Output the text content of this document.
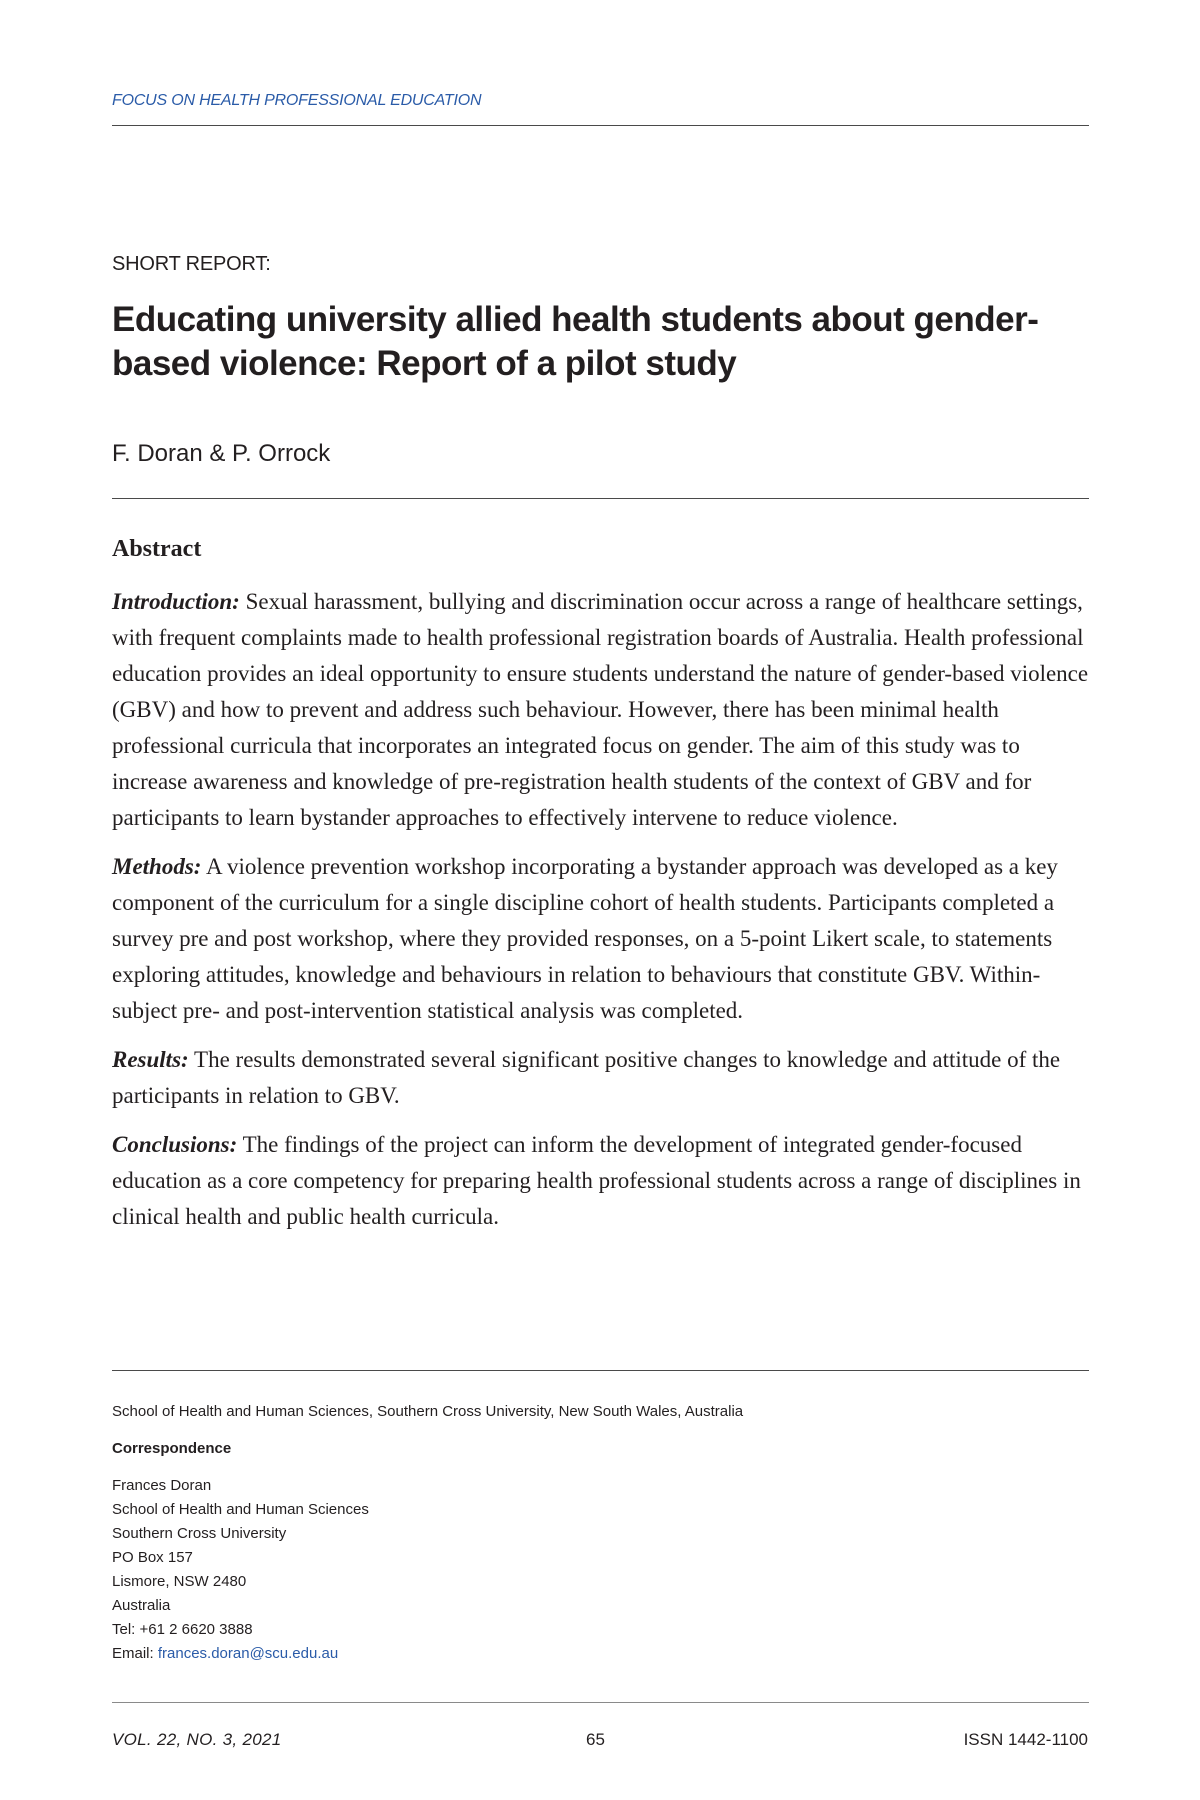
FOCUS ON HEALTH PROFESSIONAL EDUCATION
SHORT REPORT:
Educating university allied health students about gender-based violence: Report of a pilot study
F. Doran & P. Orrock
Abstract

Introduction: Sexual harassment, bullying and discrimination occur across a range of healthcare settings, with frequent complaints made to health professional registration boards of Australia. Health professional education provides an ideal opportunity to ensure students understand the nature of gender-based violence (GBV) and how to prevent and address such behaviour. However, there has been minimal health professional curricula that incorporates an integrated focus on gender. The aim of this study was to increase awareness and knowledge of pre-registration health students of the context of GBV and for participants to learn bystander approaches to effectively intervene to reduce violence.

Methods: A violence prevention workshop incorporating a bystander approach was developed as a key component of the curriculum for a single discipline cohort of health students. Participants completed a survey pre and post workshop, where they provided responses, on a 5-point Likert scale, to statements exploring attitudes, knowledge and behaviours in relation to behaviours that constitute GBV. Within-subject pre- and post-intervention statistical analysis was completed.

Results: The results demonstrated several significant positive changes to knowledge and attitude of the participants in relation to GBV.

Conclusions: The findings of the project can inform the development of integrated gender-focused education as a core competency for preparing health professional students across a range of disciplines in clinical health and public health curricula.

School of Health and Human Sciences, Southern Cross University, New South Wales, Australia
Correspondence
Frances Doran
School of Health and Human Sciences
Southern Cross University
PO Box 157
Lismore, NSW 2480
Australia
Tel: +61 2 6620 3888
Email: frances.doran@scu.edu.au
VOL. 22, NO. 3, 2021	65	ISSN 1442-1100
